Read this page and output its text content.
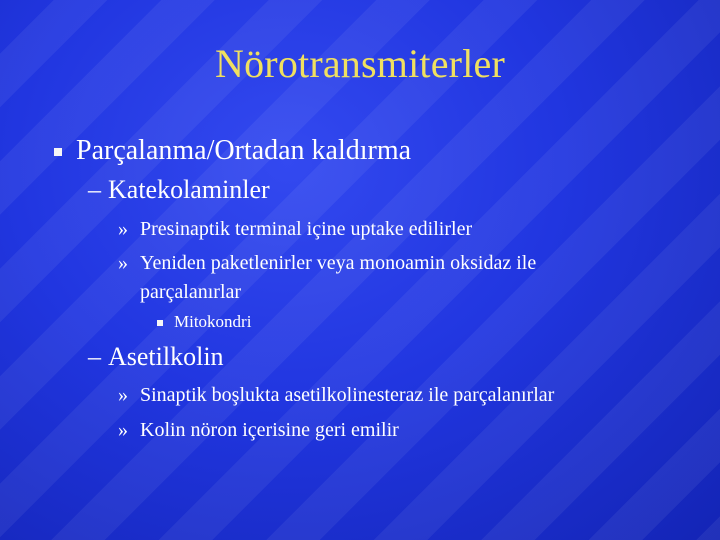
Nörotransmiterler
Parçalanma/Ortadan kaldırma
– Katekolaminler
» Presinaptik terminal içine uptake edilirler
» Yeniden paketlenirler veya monoamin oksidaz ile
parçalanırlar
Mitokondri
– Asetilkolin
» Sinaptik boşlukta asetilkolinesteraz ile parçalanırlar
» Kolin nöron içerisine geri emilir
